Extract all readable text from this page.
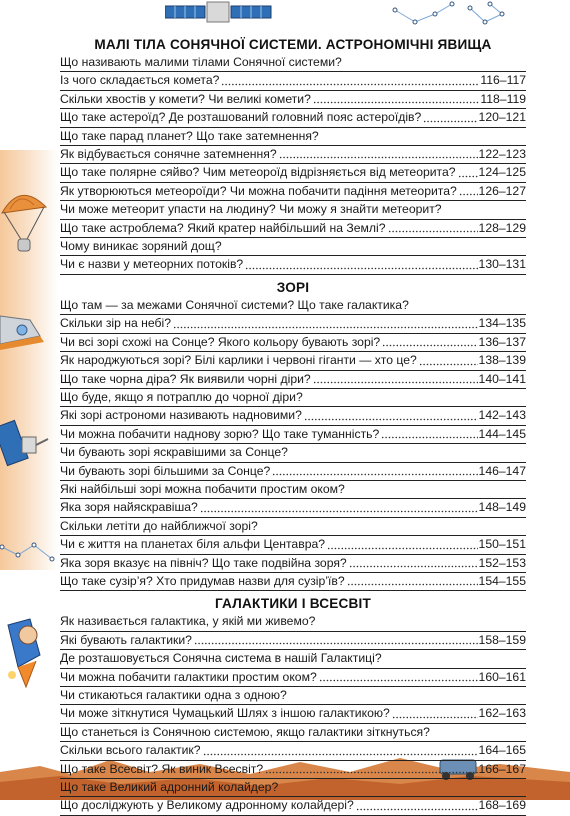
МАЛІ ТІЛА СОНЯЧНОЇ СИСТЕМИ. АСТРОНОМІЧНІ ЯВИЩА
Що називають малими тілами Сонячної системи?
Із чого складається комета?	116–117
Скільки хвостів у комети? Чи великі комети?	118–119
Що таке астероїд? Де розташований головний пояс астероїдів?	120–121
Що таке парад планет? Що таке затемнення?
Як відбувається сонячне затемнення?	122–123
Що таке полярне сяйво? Чим метеороїд відрізняється від метеорита? 124–125
Як утворюються метеороїди? Чи можна побачити падіння метеорита? 126–127
Чи може метеорит упасти на людину? Чи можу я знайти метеорит?
Що таке астроблема? Який кратер найбільший на Землі?	128–129
Чому виникає зоряний дощ?
Чи є назви у метеорних потоків?	130–131
ЗОРІ
Що там — за межами Сонячної системи? Що таке галактика?
Скільки зір на небі?	134–135
Чи всі зорі схожі на Сонце? Якого кольору бувають зорі?	136–137
Як народжуються зорі? Білі карлики і червоні гіганти — хто це?	138–139
Що таке чорна діра? Як виявили чорні діри?	140–141
Що буде, якщо я потраплю до чорної діри?
Які зорі астрономи називають надновими?	142–143
Чи можна побачити наднову зорю? Що таке туманність?	144–145
Чи бувають зорі яскравішими за Сонце?
Чи бувають зорі більшими за Сонце?	146–147
Які найбільші зорі можна побачити простим оком?
Яка зоря найяскравіша?	148–149
Скільки летіти до найближчої зорі?
Чи є життя на планетах біля альфи Центавра?	150–151
Яка зоря вказує на північ? Що таке подвійна зоря?	152–153
Що таке сузір’я? Хто придумав назви для сузір’їв?	154–155
ГАЛАКТИКИ І ВСЕСВІТ
Як називається галактика, у якій ми живемо?
Які бувають галактики?	158–159
Де розташовується Сонячна система в нашій Галактиці?
Чи можна побачити галактики простим оком?	160–161
Чи стикаються галактики одна з одною?
Чи може зіткнутися Чумацький Шлях з іншою галактикою?	162–163
Що станеться із Сонячною системою, якщо галактики зіткнуться?
Скільки всього галактик?	164–165
Що таке Всесвіт? Як виник Всесвіт?	166–167
Що таке Великий адронний колайдер?
Що досліджують у Великому адронному колайдері?	168–169
